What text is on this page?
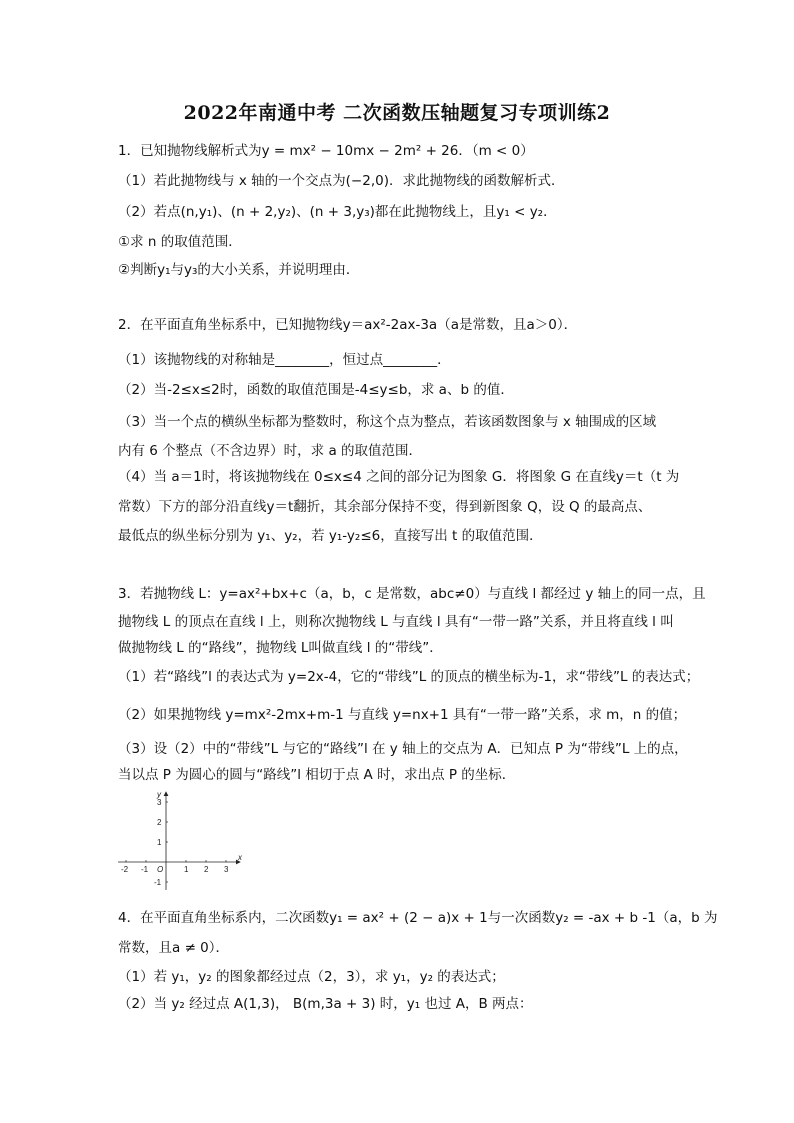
2022年南通中考 二次函数压轴题复习专项训练2
1．已知抛物线解析式为y = mx² − 10mx − 2m² + 26．（m < 0）
（1）若此抛物线与 x 轴的一个交点为(−2,0)．求此抛物线的函数解析式．
（2）若点(n,y₁)、(n + 2,y₂)、(n + 3,y₃)都在此抛物线上，且y₁ < y₂．
①求 n 的取值范围．
②判断y₁与y₃的大小关系，并说明理由．
2．在平面直角坐标系中，已知抛物线y＝ax²-2ax-3a（a是常数，且a＞0）．
（1）该抛物线的对称轴是________，恒过点________．
（2）当-2≤x≤2时，函数的取值范围是-4≤y≤b，求 a、b 的值．
（3）当一个点的横纵坐标都为整数时，称这个点为整点，若该函数图象与 x 轴围成的区域
内有 6 个整点（不含边界）时，求 a 的取值范围．
（4）当 a＝1时，将该抛物线在 0≤x≤4 之间的部分记为图象 G．将图象 G 在直线y＝t（t 为
常数）下方的部分沿直线y＝t翻折，其余部分保持不变，得到新图象 Q，设 Q 的最高点、
最低点的纵坐标分别为 y₁、y₂，若 y₁-y₂≤6，直接写出 t 的取值范围．
3．若抛物线 L：y=ax²+bx+c（a，b，c 是常数，abc≠0）与直线 l 都经过 y 轴上的同一点，且
抛物线 L 的顶点在直线 l 上，则称次抛物线 L 与直线 l 具有“一带一路”关系，并且将直线 l 叫
做抛物线 L 的“路线”，抛物线 L叫做直线 l 的“带线”．
（1）若“路线”l 的表达式为 y=2x-4，它的“带线”L 的顶点的横坐标为-1，求“带线”L 的表达式；
（2）如果抛物线 y=mx²-2mx+m-1 与直线 y=nx+1 具有“一带一路”关系，求 m，n 的值；
（3）设（2）中的“带线”L 与它的“路线”l 在 y 轴上的交点为 A．已知点 P 为“带线”L 上的点，
当以点 P 为圆心的圆与“路线”l 相切于点 A 时，求出点 P 的坐标．
-2 -1 O	1 2 3
x
3
2
1
-1
y
4．在平面直角坐标系内，二次函数y₁ = ax² + (2 − a)x + 1与一次函数y₂ = -ax + b -1（a，b 为
常数，且a ≠ 0）．
（1）若 y₁，y₂ 的图象都经过点（2，3），求 y₁，y₂ 的表达式；
（2）当 y₂ 经过点 A(1,3)， B(m,3a + 3) 时，y₁ 也过 A，B 两点：
